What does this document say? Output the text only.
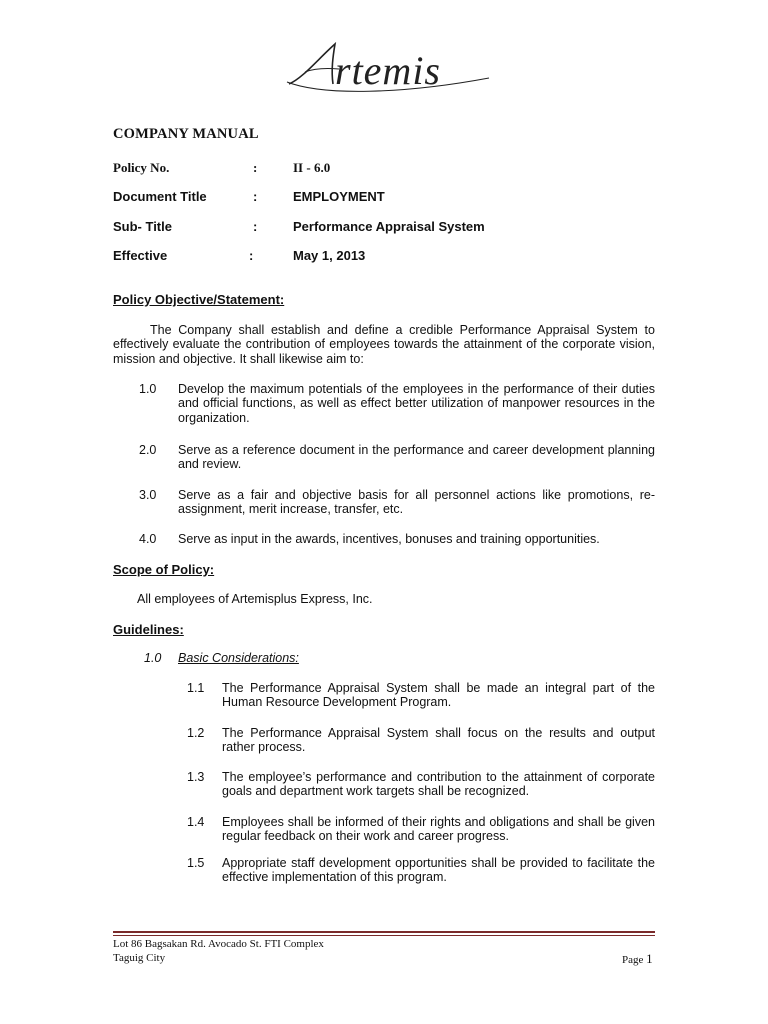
rtemis
COMPANY MANUAL
Policy No.	:	II - 6.0
Document Title	:	EMPLOYMENT
Sub- Title	:	Performance Appraisal System
Effective	:	May 1, 2013
Policy Objective/Statement:
The Company shall establish and define a credible Performance Appraisal System to effectively evaluate the contribution of employees towards the attainment of the corporate vision, mission and objective. It shall likewise aim to:
1.0 Develop the maximum potentials of the employees in the performance of their duties and official functions, as well as effect better utilization of manpower resources in the organization.
2.0 Serve as a reference document in the performance and career development planning and review.
3.0 Serve as a fair and objective basis for all personnel actions like promotions, re-assignment, merit increase, transfer, etc.
4.0 Serve as input in the awards, incentives, bonuses and training opportunities.
Scope of Policy:
All employees of Artemisplus Express, Inc.
Guidelines:
1.0 Basic Considerations:
1.1 The Performance Appraisal System shall be made an integral part of the Human Resource Development Program.
1.2 The Performance Appraisal System shall focus on the results and output rather process.
1.3 The employee’s performance and contribution to the attainment of corporate goals and department work targets shall be recognized.
1.4 Employees shall be informed of their rights and obligations and shall be given regular feedback on their work and career progress.
1.5 Appropriate staff development opportunities shall be provided to facilitate the effective implementation of this program.
Lot 86 Bagsakan Rd. Avocado St. FTI Complex
Taguig City	Page 1
